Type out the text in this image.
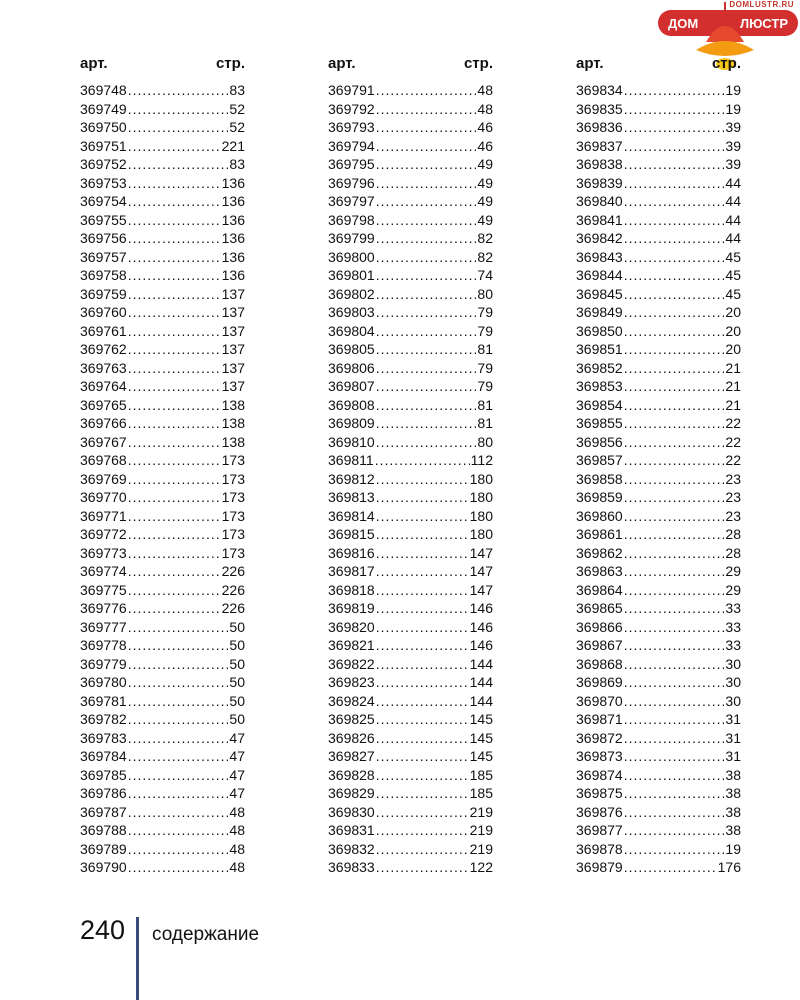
DOMLUSTR.RU
ДОМ	ЛЮСТР
арт.	стр.
369748 .....	83
369749 .....	52
369750 .....	52
369751 .....	221
369752 .....	83
369753 .....	136
369754 .....	136
369755 .....	136
369756 .....	136
369757 .....	136
369758 .....	136
369759 .....	137
369760 .....	137
369761 .....	137
369762 .....	137
369763 .....	137
369764 .....	137
369765 .....	138
369766 .....	138
369767 .....	138
369768 .....	173
369769 .....	173
369770 .....	173
369771 .....	173
369772 .....	173
369773 .....	173
369774 .....	226
369775 .....	226
369776 .....	226
369777 .....	50
369778 .....	50
369779 .....	50
369780 .....	50
369781 .....	50
369782 .....	50
369783 .....	47
369784 .....	47
369785 .....	47
369786 .....	47
369787 .....	48
369788 .....	48
369789 .....	48
369790 .....	48
арт.	стр.
369791 .....	48
369792 .....	48
369793 .....	46
369794 .....	46
369795 .....	49
369796 .....	49
369797 .....	49
369798 .....	49
369799 .....	82
369800 .....	82
369801 .....	74
369802 .....	80
369803 .....	79
369804 .....	79
369805 .....	81
369806 .....	79
369807 .....	79
369808 .....	81
369809 .....	81
369810 .....	80
369811 .....	112
369812 .....	180
369813 .....	180
369814 .....	180
369815 .....	180
369816 .....	147
369817 .....	147
369818 .....	147
369819 .....	146
369820 .....	146
369821 .....	146
369822 .....	144
369823 .....	144
369824 .....	144
369825 .....	145
369826 .....	145
369827 .....	145
369828 .....	185
369829 .....	185
369830 .....	219
369831 .....	219
369832 .....	219
369833 .....	122
арт.	стр.
369834 .....	19
369835 .....	19
369836 .....	39
369837 .....	39
369838 .....	39
369839 .....	44
369840 .....	44
369841 .....	44
369842 .....	44
369843 .....	45
369844 .....	45
369845 .....	45
369849 .....	20
369850 .....	20
369851 .....	20
369852 .....	21
369853 .....	21
369854 .....	21
369855 .....	22
369856 .....	22
369857 .....	22
369858 .....	23
369859 .....	23
369860 .....	23
369861 .....	28
369862 .....	28
369863 .....	29
369864 .....	29
369865 .....	33
369866 .....	33
369867 .....	33
369868 .....	30
369869 .....	30
369870 .....	30
369871 .....	31
369872 .....	31
369873 .....	31
369874 .....	38
369875 .....	38
369876 .....	38
369877 .....	38
369878 .....	19
369879 .....	176
240 содержание
